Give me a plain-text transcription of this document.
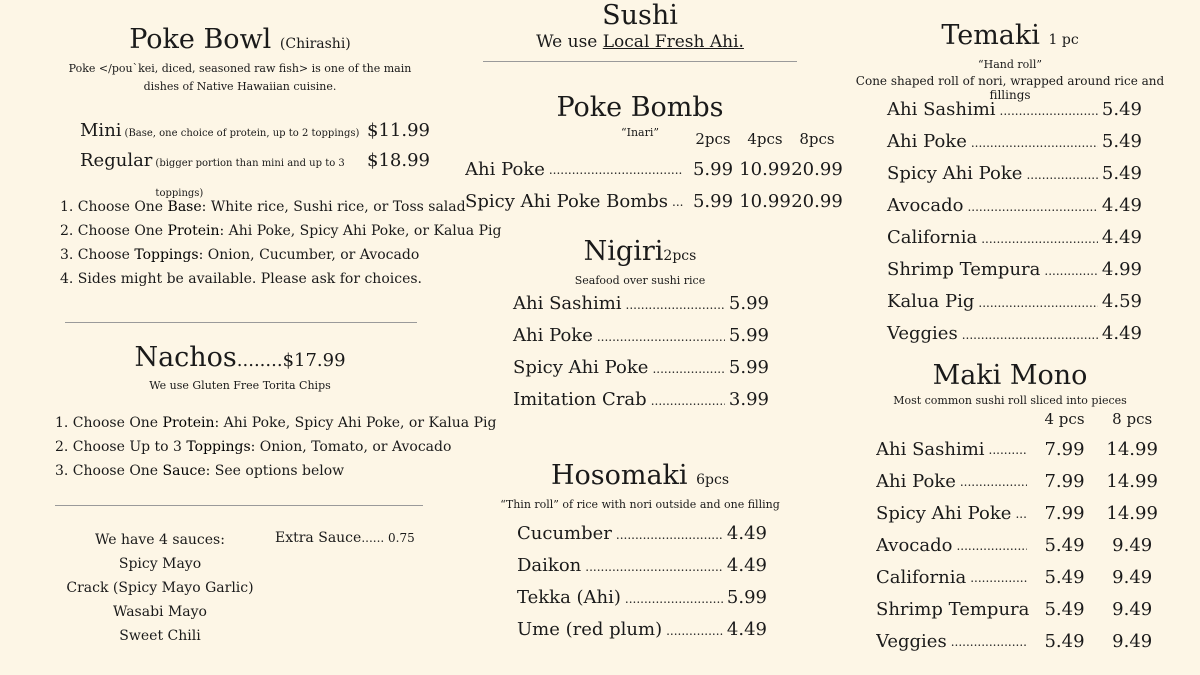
Poke Bowl (Chirashi)
Poke </pou`kei, diced, seasoned raw fish> is one of the main
dishes of Native Hawaiian cuisine.
Mini (Base, one choice of protein, up to 2 toppings) $11.99
Regular (bigger portion than mini and up to 3 toppings)
$18.99
1. Choose One Base: White rice, Sushi rice, or Toss salad
2. Choose One Protein: Ahi Poke, Spicy Ahi Poke, or Kalua Pig
3. Choose Toppings: Onion, Cucumber, or Avocado
4. Sides might be available. Please ask for choices.
Nachos........$17.99
We use Gluten Free Torita Chips
1. Choose One Protein: Ahi Poke, Spicy Ahi Poke, or Kalua Pig
2. Choose Up to 3 Toppings: Onion, Tomato, or Avocado
3. Choose One Sauce: See options below
We have 4 sauces:
Spicy Mayo
Crack (Spicy Mayo Garlic)
Wasabi Mayo
Sweet Chili
Extra Sauce...... 0.75
Sushi
We use Local Fresh Ahi.
Poke Bombs
“Inari”	2pcs	4pcs	8pcs
Ahi Poke .....	5.99 10.99 20.99
Spicy Ahi Poke Bombs .....	5.99 10.99 20.99
Nigiri2pcs
Seafood over sushi rice
Ahi Sashimi .....	5.99
Ahi Poke .....	5.99
Spicy Ahi Poke .....	5.99
Imitation Crab .....	3.99
Hosomaki 6pcs
“Thin roll” of rice with nori outside and one filling
Cucumber .....	4.49
Daikon .....	4.49
Tekka (Ahi) .....	5.99
Ume (red plum) .....	4.49
Temaki 1 pc
“Hand roll”
Cone shaped roll of nori, wrapped around rice and fillings
Ahi Sashimi .....	5.49
Ahi Poke .....	5.49
Spicy Ahi Poke .....	5.49
Avocado .....	4.49
California .....	4.49
Shrimp Tempura .....	4.99
Kalua Pig .....	4.59
Veggies .....	4.49
Maki Mono
Most common sushi roll sliced into pieces
4 pcs	8 pcs
Ahi Sashimi .....	7.99	14.99
Ahi Poke .....	7.99	14.99
Spicy Ahi Poke .....	7.99	14.99
Avocado .....	5.49	9.49
California .....	5.49	9.49
Shrimp Tempura 5.49	9.49
Veggies .....	5.49	9.49
